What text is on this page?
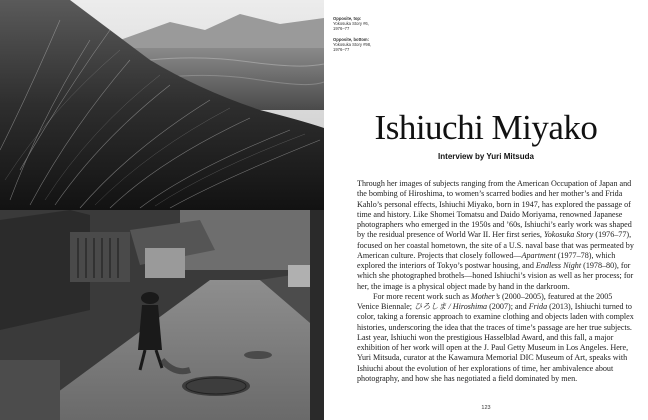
Opposite, top:
Yokosuka Story #6,
1976–77
Opposite, bottom:
Yokosuka Story #98,
1976–77
Ishiuchi Miyako
Interview by Yuri Mitsuda

Through her images of subjects ranging from the American Occupation of Japan and the bombing of Hiroshima, to women’s scarred bodies and her mother’s and Frida Kahlo’s personal effects, Ishiuchi Miyako, born in 1947, has explored the passage of time and history. Like Shomei Tomatsu and Daido Moriyama, renowned Japanese photographers who emerged in the 1950s and ’60s, Ishiuchi’s early work was shaped by the residual presence of World War II. Her first series, Yokosuka Story (1976–77), focused on her coastal hometown, the site of a U.S. naval base that was permeated by American culture. Projects that closely followed—Apartment (1977–78), which explored the interiors of Tokyo’s postwar housing, and Endless Night (1978–80), for which she photographed brothels—honed Ishiuchi’s vision as well as her process; for her, the image is a physical object made by hand in the darkroom.

For more recent work such as Mother’s (2000–2005), featured at the 2005 Venice Biennale; ひろしま / Hiroshima (2007); and Frida (2013), Ishiuchi turned to color, taking a forensic approach to examine clothing and objects laden with complex histories, underscoring the idea that the traces of time’s passage are her true subjects. Last year, Ishiuchi won the prestigious Hasselblad Award, and this fall, a major exhibition of her work will open at the J. Paul Getty Museum in Los Angeles. Here, Yuri Mitsuda, curator at the Kawamura Memorial DIC Museum of Art, speaks with Ishiuchi about the evolution of her explorations of time, her ambivalence about photography, and how she has negotiated a field dominated by men.

123
